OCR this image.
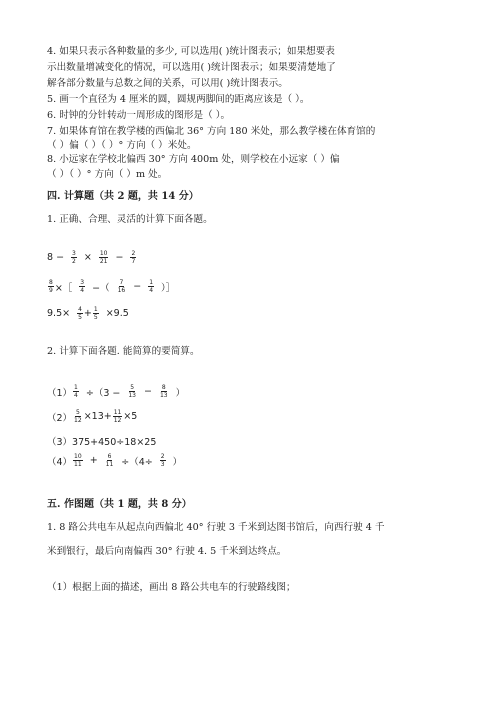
4. 如果只表示各种数量的多少, 可以选用( )统计图表示；如果想要表
示出数量增减变化的情况，可以选用( )统计图表示；如果要清楚地了
解各部分数量与总数之间的关系，可以用( )统计图表示。
5. 画一个直径为 4 厘米的圆，圆规两脚间的距离应该是（ ）。
6. 时钟的分针转动一周形成的图形是（ ）。
7. 如果体育馆在教学楼的西偏北 36° 方向 180 米处，那么教学楼在体育馆的
（ ）偏（ ）（ ）° 方向（ ）米处。
8. 小远家在学校北偏西 30° 方向 400m 处，则学校在小远家（ ）偏
（ ）（ ）° 方向（ ）m 处。
四. 计算题（共 2 题，共 14 分）
1. 正确、合理、灵活的计算下面各题。
$8 - \frac{3}{2} \times \frac{10}{21} - \frac{2}{7}$
$\frac{8}{9}$ ×［ $\frac{3}{4}$ −（ $\frac{7}{16} - \frac{1}{4}$ ）］
$9.5\times \frac{4}{5} + \frac{1}{5} \times 9.5$
2. 计算下面各题. 能简算的要简算。
$(1) \frac{1}{4} \div(3 - \frac{5}{13} - \frac{8}{13}$ ）
$(2) \frac{5}{12} \times 13+ \frac{11}{12} \times 5$
（3）375+450÷18×25
$(4) \frac{10}{11} + \frac{6}{11} \div(4\div \frac{2}{3}$ ）
五. 作图题（共 1 题，共 8 分）
1. 8 路公共电车从起点向西偏北 40° 行驶 3 千米到达图书馆后，向西行驶 4 千
米到银行，最后向南偏西 30° 行驶 4. 5 千米到达终点。
（1）根据上面的描述，画出 8 路公共电车的行驶路线图；
